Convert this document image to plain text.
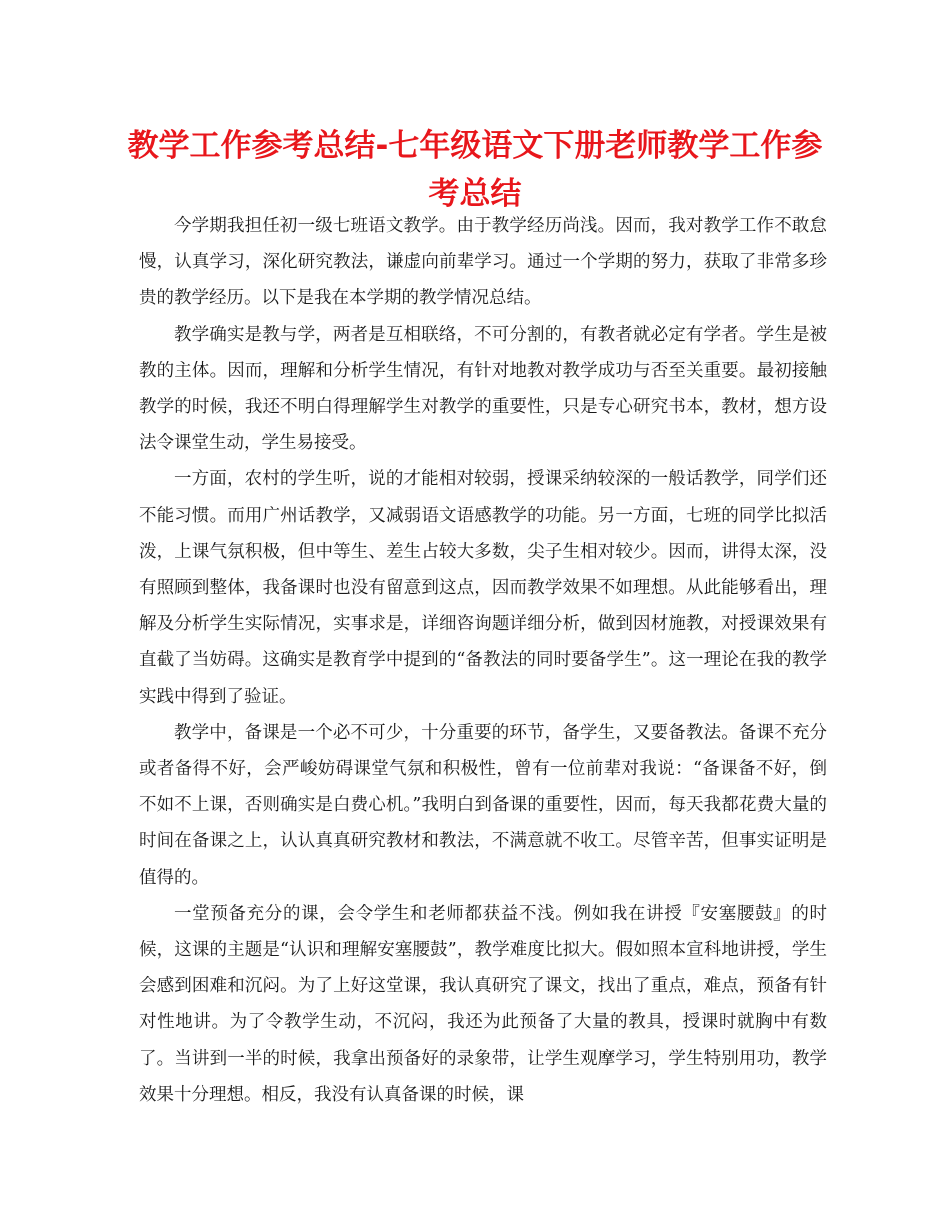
教学工作参考总结-七年级语文下册老师教学工作参考总结

今学期我担任初一级七班语文教学。由于教学经历尚浅。因而，我对教学工作不敢怠慢，认真学习，深化研究教法，谦虚向前辈学习。通过一个学期的努力，获取了非常多珍贵的教学经历。以下是我在本学期的教学情况总结。

教学确实是教与学，两者是互相联络，不可分割的，有教者就必定有学者。学生是被教的主体。因而，理解和分析学生情况，有针对地教对教学成功与否至关重要。最初接触教学的时候，我还不明白得理解学生对教学的重要性，只是专心研究书本，教材，想方设法令课堂生动，学生易接受。

一方面，农村的学生听，说的才能相对较弱，授课采纳较深的一般话教学，同学们还不能习惯。而用广州话教学，又减弱语文语感教学的功能。另一方面，七班的同学比拟活泼，上课气氛积极，但中等生、差生占较大多数，尖子生相对较少。因而，讲得太深，没有照顾到整体，我备课时也没有留意到这点，因而教学效果不如理想。从此能够看出，理解及分析学生实际情况，实事求是，详细咨询题详细分析，做到因材施教，对授课效果有直截了当妨碍。这确实是教育学中提到的“备教法的同时要备学生”。这一理论在我的教学实践中得到了验证。

教学中，备课是一个必不可少，十分重要的环节，备学生，又要备教法。备课不充分或者备得不好，会严峻妨碍课堂气氛和积极性，曾有一位前辈对我说：“备课备不好，倒不如不上课，否则确实是白费心机。”我明白到备课的重要性，因而，每天我都花费大量的时间在备课之上，认认真真研究教材和教法，不满意就不收工。尽管辛苦，但事实证明是值得的。

一堂预备充分的课，会令学生和老师都获益不浅。例如我在讲授『安塞腰鼓』的时候，这课的主题是“认识和理解安塞腰鼓”，教学难度比拟大。假如照本宣科地讲授，学生会感到困难和沉闷。为了上好这堂课，我认真研究了课文，找出了重点，难点，预备有针对性地讲。为了令教学生动，不沉闷，我还为此预备了大量的教具，授课时就胸中有数了。当讲到一半的时候，我拿出预备好的录象带，让学生观摩学习，学生特别用功，教学效果十分理想。相反，我没有认真备课的时候，课
